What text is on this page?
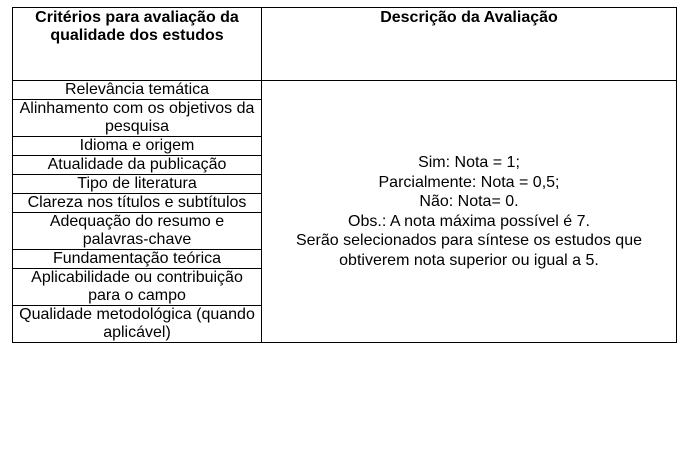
Critérios para avaliação da qualidade dos estudos	Descrição da Avaliação
Relevância temática	Sim: Nota = 1;
Parcialmente: Nota = 0,5;
Não: Nota= 0.
Obs.: A nota máxima possível é 7.
Serão selecionados para síntese os estudos que obtiverem nota superior ou igual a 5.

Alinhamento com os objetivos da pesquisa	
Idioma e origem	
Atualidade da publicação	
Tipo de literatura	
Clareza nos títulos e subtítulos	
Adequação do resumo e palavras-chave	
Fundamentação teórica	
Aplicabilidade ou contribuição para o campo	
Qualidade metodológica (quando aplicável)	
